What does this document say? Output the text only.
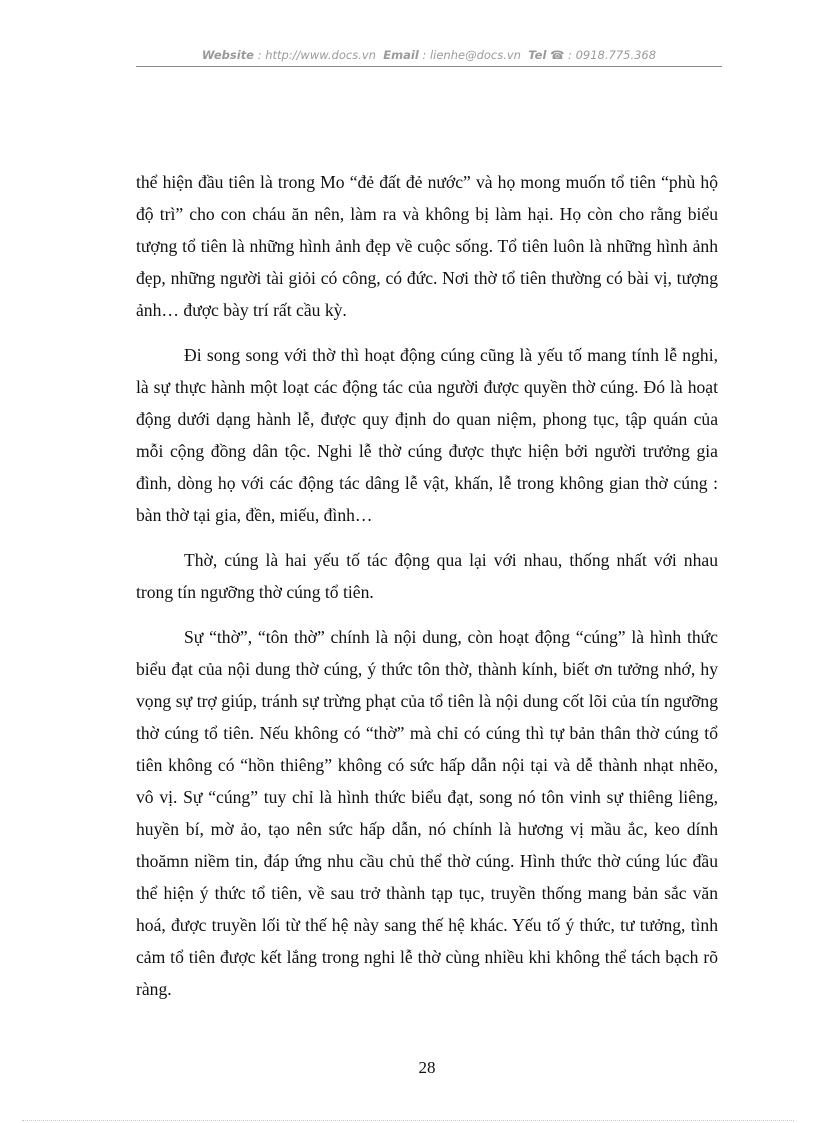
Website : http://www.docs.vn Email : lienhe@docs.vn Tel ☎ : 0918.775.368

thể hiện đầu tiên là trong Mo “đẻ đất đẻ nước” và họ mong muốn tổ tiên “phù hộ độ trì” cho con cháu ăn nên, làm ra và không bị làm hại. Họ còn cho rằng biểu tượng tổ tiên là những hình ảnh đẹp về cuộc sống. Tổ tiên luôn là những hình ảnh đẹp, những người tài giỏi có công, có đức. Nơi thờ tổ tiên thường có bài vị, tượng ảnh… được bày trí rất cầu kỳ.

Đi song song với thờ thì hoạt động cúng cũng là yếu tố mang tính lễ nghi, là sự thực hành một loạt các động tác của người được quyền thờ cúng. Đó là hoạt động dưới dạng hành lễ, được quy định do quan niệm, phong tục, tập quán của mỗi cộng đồng dân tộc. Nghi lễ thờ cúng được thực hiện bởi người trưởng gia đình, dòng họ với các động tác dâng lễ vật, khấn, lễ trong không gian thờ cúng : bàn thờ tại gia, đền, miếu, đình…

Thờ, cúng là hai yếu tố tác động qua lại với nhau, thống nhất với nhau trong tín ngưỡng thờ cúng tổ tiên.

Sự “thờ”, “tôn thờ” chính là nội dung, còn hoạt động “cúng” là hình thức biểu đạt của nội dung thờ cúng, ý thức tôn thờ, thành kính, biết ơn tưởng nhớ, hy vọng sự trợ giúp, tránh sự trừng phạt của tổ tiên là nội dung cốt lõi của tín ngưỡng thờ cúng tổ tiên. Nếu không có “thờ” mà chỉ có cúng thì tự bản thân thờ cúng tổ tiên không có “hồn thiêng” không có sức hấp dẫn nội tại và dễ thành nhạt nhẽo, vô vị. Sự “cúng” tuy chỉ là hình thức biểu đạt, song nó tôn vinh sự thiêng liêng, huyền bí, mờ ảo, tạo nên sức hấp dẫn, nó chính là hương vị mầu ắc, keo dính thoămn niềm tin, đáp ứng nhu cầu chủ thể thờ cúng. Hình thức thờ cúng lúc đầu thể hiện ý thức tổ tiên, về sau trở thành tạp tục, truyền thống mang bản sắc văn hoá, được truyền lối từ thế hệ này sang thế hệ khác. Yếu tố ý thức, tư tưởng, tình cảm tổ tiên được kết lắng trong nghi lễ thờ cùng nhiều khi không thể tách bạch rõ ràng.

28
